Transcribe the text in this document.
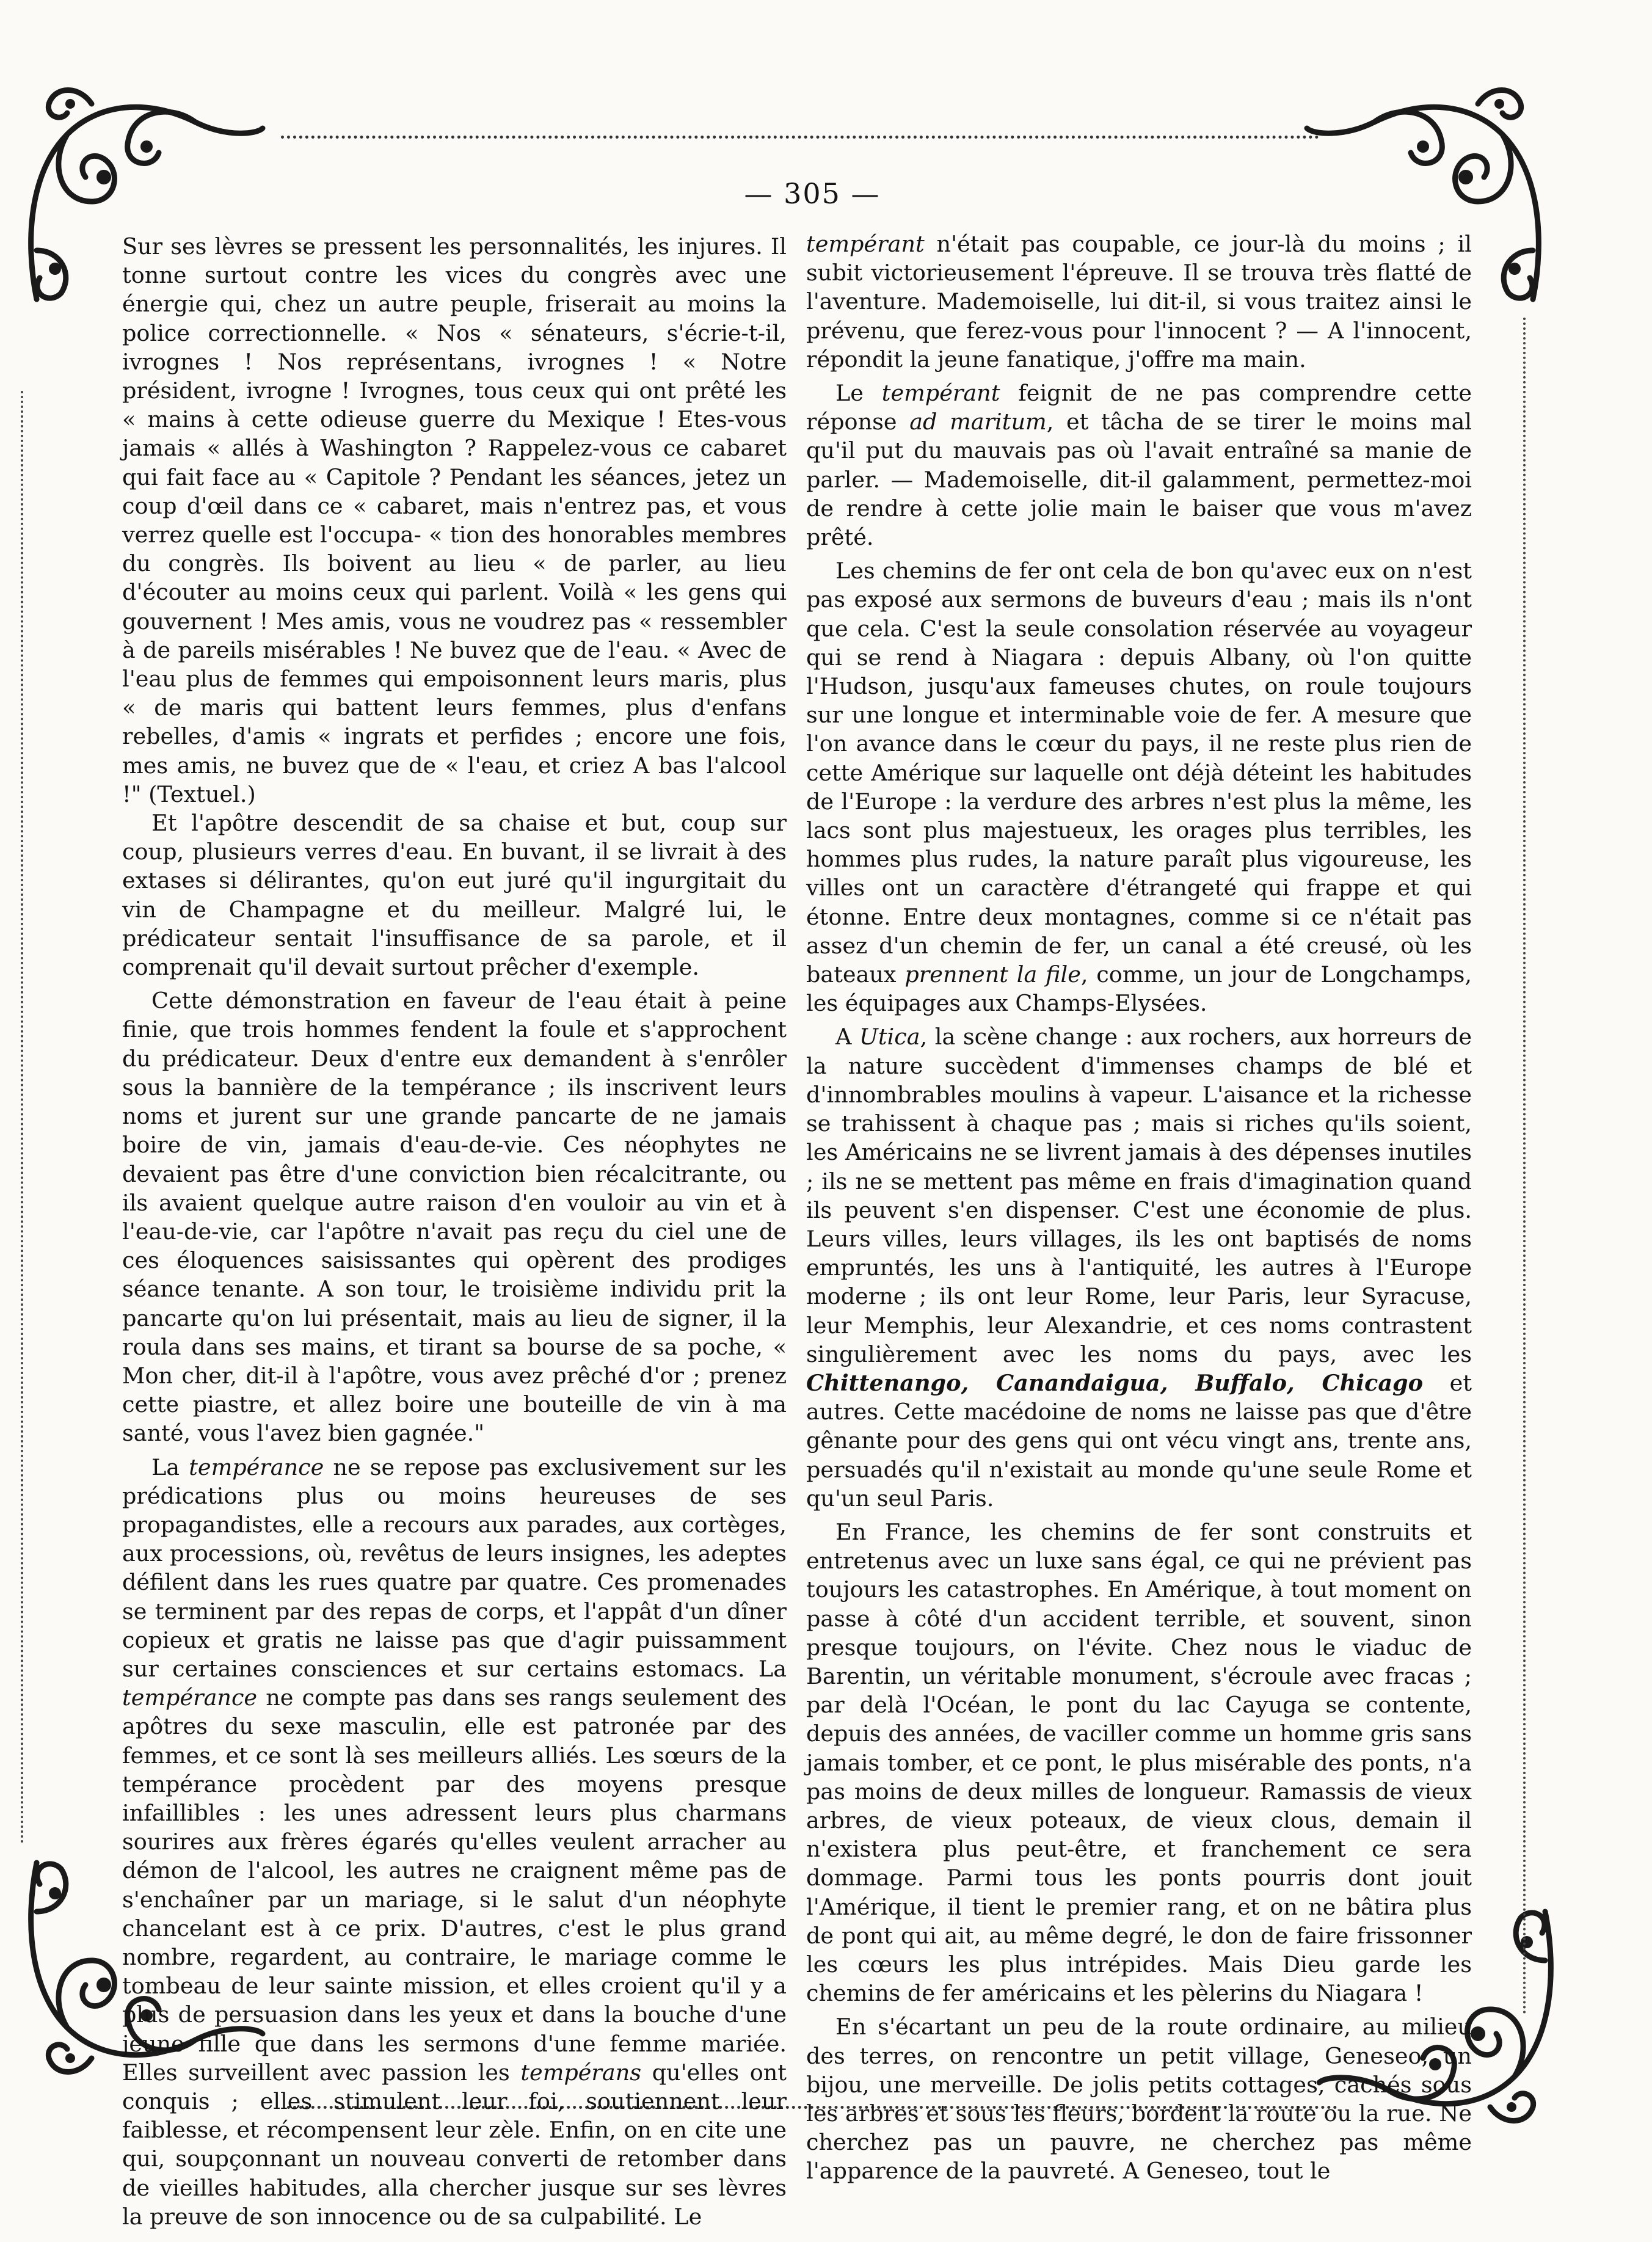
— 305 —

Sur ses lèvres se pressent les personnalités, les injures. Il tonne surtout contre les vices du congrès avec une énergie qui, chez un autre peuple, friserait au moins la police correctionnelle. « Nos « sénateurs, s'écrie-t-il, ivrognes ! Nos représentans, ivrognes ! « Notre président, ivrogne ! Ivrognes, tous ceux qui ont prêté les « mains à cette odieuse guerre du Mexique ! Etes-vous jamais « allés à Washington ? Rappelez-vous ce cabaret qui fait face au « Capitole ? Pendant les séances, jetez un coup d'œil dans ce « cabaret, mais n'entrez pas, et vous verrez quelle est l'occupa- « tion des honorables membres du congrès. Ils boivent au lieu « de parler, au lieu d'écouter au moins ceux qui parlent. Voilà « les gens qui gouvernent ! Mes amis, vous ne voudrez pas « ressembler à de pareils misérables ! Ne buvez que de l'eau. « Avec de l'eau plus de femmes qui empoisonnent leurs maris, plus « de maris qui battent leurs femmes, plus d'enfans rebelles, d'amis « ingrats et perfides ; encore une fois, mes amis, ne buvez que de « l'eau, et criez A bas l'alcool !" (Textuel.)

Et l'apôtre descendit de sa chaise et but, coup sur coup, plusieurs verres d'eau. En buvant, il se livrait à des extases si délirantes, qu'on eut juré qu'il ingurgitait du vin de Champagne et du meilleur. Malgré lui, le prédicateur sentait l'insuffisance de sa parole, et il comprenait qu'il devait surtout prêcher d'exemple.

Cette démonstration en faveur de l'eau était à peine finie, que trois hommes fendent la foule et s'approchent du prédicateur. Deux d'entre eux demandent à s'enrôler sous la bannière de la tempérance ; ils inscrivent leurs noms et jurent sur une grande pancarte de ne jamais boire de vin, jamais d'eau-de-vie. Ces néophytes ne devaient pas être d'une conviction bien récalcitrante, ou ils avaient quelque autre raison d'en vouloir au vin et à l'eau-de-vie, car l'apôtre n'avait pas reçu du ciel une de ces éloquences saisissantes qui opèrent des prodiges séance tenante. A son tour, le troisième individu prit la pancarte qu'on lui présentait, mais au lieu de signer, il la roula dans ses mains, et tirant sa bourse de sa poche, « Mon cher, dit-il à l'apôtre, vous avez prêché d'or ; prenez cette piastre, et allez boire une bouteille de vin à ma santé, vous l'avez bien gagnée."

La tempérance ne se repose pas exclusivement sur les prédications plus ou moins heureuses de ses propagandistes, elle a recours aux parades, aux cortèges, aux processions, où, revêtus de leurs insignes, les adeptes défilent dans les rues quatre par quatre. Ces promenades se terminent par des repas de corps, et l'appât d'un dîner copieux et gratis ne laisse pas que d'agir puissamment sur certaines consciences et sur certains estomacs. La tempérance ne compte pas dans ses rangs seulement des apôtres du sexe masculin, elle est patronée par des femmes, et ce sont là ses meilleurs alliés. Les sœurs de la tempérance procèdent par des moyens presque infaillibles : les unes adressent leurs plus charmans sourires aux frères égarés qu'elles veulent arracher au démon de l'alcool, les autres ne craignent même pas de s'enchaîner par un mariage, si le salut d'un néophyte chancelant est à ce prix. D'autres, c'est le plus grand nombre, regardent, au contraire, le mariage comme le tombeau de leur sainte mission, et elles croient qu'il y a plus de persuasion dans les yeux et dans la bouche d'une jeune fille que dans les sermons d'une femme mariée. Elles surveillent avec passion les tempérans qu'elles ont conquis ; elles stimulent leur foi, soutiennent leur faiblesse, et récompensent leur zèle. Enfin, on en cite une qui, soupçonnant un nouveau converti de retomber dans de vieilles habitudes, alla chercher jusque sur ses lèvres la preuve de son innocence ou de sa culpabilité. Le

tempérant n'était pas coupable, ce jour-là du moins ; il subit victorieusement l'épreuve. Il se trouva très flatté de l'aventure. Mademoiselle, lui dit-il, si vous traitez ainsi le prévenu, que ferez-vous pour l'innocent ? — A l'innocent, répondit la jeune fanatique, j'offre ma main.

Le tempérant feignit de ne pas comprendre cette réponse ad maritum, et tâcha de se tirer le moins mal qu'il put du mauvais pas où l'avait entraîné sa manie de parler. — Mademoiselle, dit-il galamment, permettez-moi de rendre à cette jolie main le baiser que vous m'avez prêté.

Les chemins de fer ont cela de bon qu'avec eux on n'est pas exposé aux sermons de buveurs d'eau ; mais ils n'ont que cela. C'est la seule consolation réservée au voyageur qui se rend à Niagara : depuis Albany, où l'on quitte l'Hudson, jusqu'aux fameuses chutes, on roule toujours sur une longue et interminable voie de fer. A mesure que l'on avance dans le cœur du pays, il ne reste plus rien de cette Amérique sur laquelle ont déjà déteint les habitudes de l'Europe : la verdure des arbres n'est plus la même, les lacs sont plus majestueux, les orages plus terribles, les hommes plus rudes, la nature paraît plus vigoureuse, les villes ont un caractère d'étrangeté qui frappe et qui étonne. Entre deux montagnes, comme si ce n'était pas assez d'un chemin de fer, un canal a été creusé, où les bateaux prennent la file, comme, un jour de Longchamps, les équipages aux Champs-Elysées.

A Utica, la scène change : aux rochers, aux horreurs de la nature succèdent d'immenses champs de blé et d'innombrables moulins à vapeur. L'aisance et la richesse se trahissent à chaque pas ; mais si riches qu'ils soient, les Américains ne se livrent jamais à des dépenses inutiles ; ils ne se mettent pas même en frais d'imagination quand ils peuvent s'en dispenser. C'est une économie de plus. Leurs villes, leurs villages, ils les ont baptisés de noms empruntés, les uns à l'antiquité, les autres à l'Europe moderne ; ils ont leur Rome, leur Paris, leur Syracuse, leur Memphis, leur Alexandrie, et ces noms contrastent singulièrement avec les noms du pays, avec les Chittenango, Canandaigua, Buffalo, Chicago et autres. Cette macédoine de noms ne laisse pas que d'être gênante pour des gens qui ont vécu vingt ans, trente ans, persuadés qu'il n'existait au monde qu'une seule Rome et qu'un seul Paris.

En France, les chemins de fer sont construits et entretenus avec un luxe sans égal, ce qui ne prévient pas toujours les catastrophes. En Amérique, à tout moment on passe à côté d'un accident terrible, et souvent, sinon presque toujours, on l'évite. Chez nous le viaduc de Barentin, un véritable monument, s'écroule avec fracas ; par delà l'Océan, le pont du lac Cayuga se contente, depuis des années, de vaciller comme un homme gris sans jamais tomber, et ce pont, le plus misérable des ponts, n'a pas moins de deux milles de longueur. Ramassis de vieux arbres, de vieux poteaux, de vieux clous, demain il n'existera plus peut-être, et franchement ce sera dommage. Parmi tous les ponts pourris dont jouit l'Amérique, il tient le premier rang, et on ne bâtira plus de pont qui ait, au même degré, le don de faire frissonner les cœurs les plus intrépides. Mais Dieu garde les chemins de fer américains et les pèlerins du Niagara !

En s'écartant un peu de la route ordinaire, au milieu des terres, on rencontre un petit village, Geneseo, un bijou, une merveille. De jolis petits cottages, cachés sous les arbres et sous les fleurs, bordent la route ou la rue. Ne cherchez pas un pauvre, ne cherchez pas même l'apparence de la pauvreté. A Geneseo, tout le
